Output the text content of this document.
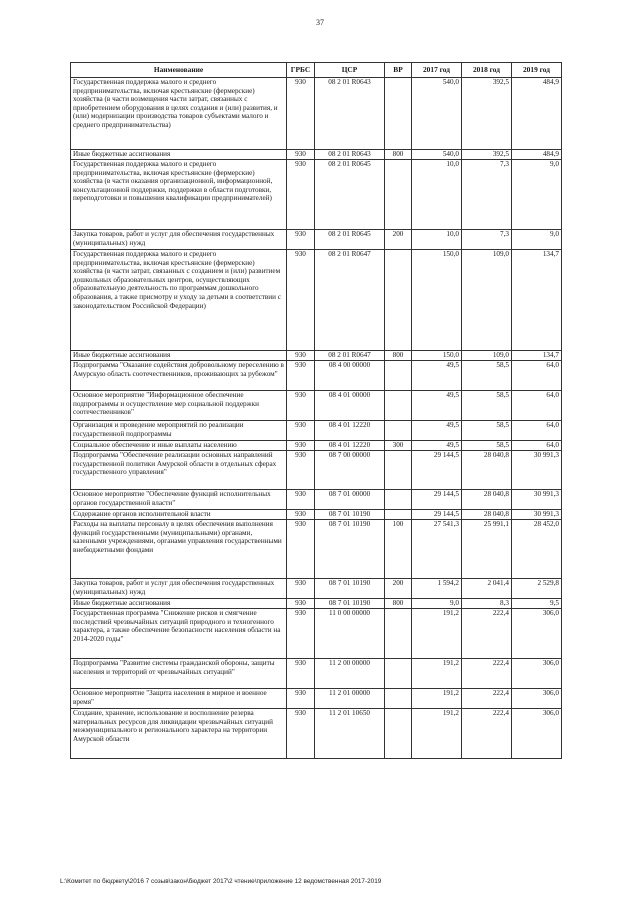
37
Наименование	ГРБС	ЦСР	ВР	2017 год	2018 год	2019 год
Государственная поддержка малого и среднего предпринимательства, включая крестьянские (фермерские) хозяйства (в части возмещения части затрат, связанных с приобретением оборудования в целях создания и (или) развития, и (или) модернизации производства товаров субъектами малого и среднего предпринимательства)	930	08 2 01 R0643		540,0	392,5	484,9
Иные бюджетные ассигнования	930	08 2 01 R0643	800	540,0	392,5	484,9
Государственная поддержка малого и среднего предпринимательства, включая крестьянские (фермерские) хозяйства (в части оказания организационной, информационной, консультационной поддержки, поддержки в области подготовки, переподготовки и повышения квалификации предпринимателей)	930	08 2 01 R0645		10,0	7,3	9,0
Закупка товаров, работ и услуг для обеспечения государственных (муниципальных) нужд	930	08 2 01 R0645	200	10,0	7,3	9,0
Государственная поддержка малого и среднего предпринимательства, включая крестьянские (фермерские) хозяйства (в части затрат, связанных с созданием и (или) развитием дошкольных образовательных центров, осуществляющих образовательную деятельность по программам дошкольного образования, а также присмотру и уходу за детьми в соответствии с законодательством Российской Федерации)	930	08 2 01 R0647		150,0	109,0	134,7
Иные бюджетные ассигнования	930	08 2 01 R0647	800	150,0	109,0	134,7
Подпрограмма "Оказание содействия добровольному переселению в Амурскую область соотечественников, проживающих за рубежом"	930	08 4 00 00000		49,5	58,5	64,0
Основное мероприятие "Информационное обеспечение подпрограммы и осуществление мер социальной поддержки соотечественников"	930	08 4 01 00000		49,5	58,5	64,0
Организация и проведение мероприятий по реализации государственной подпрограммы	930	08 4 01 12220		49,5	58,5	64,0
Социальное обеспечение и иные выплаты населению	930	08 4 01 12220	300	49,5	58,5	64,0
Подпрограмма "Обеспечение реализации основных направлений государственной политики Амурской области в отдельных сферах государственного управления"	930	08 7 00 00000		29 144,5	28 040,8	30 991,3
Основное мероприятие "Обеспечение функций исполнительных органов государственной власти"	930	08 7 01 00000		29 144,5	28 040,8	30 991,3
Содержание органов исполнительной власти	930	08 7 01 10190		29 144,5	28 040,8	30 991,3
Расходы на выплаты персоналу в целях обеспечения выполнения функций государственными (муниципальными) органами, казенными учреждениями, органами управления государственными внебюджетными фондами	930	08 7 01 10190	100	27 541,3	25 991,1	28 452,0
Закупка товаров, работ и услуг для обеспечения государственных (муниципальных) нужд	930	08 7 01 10190	200	1 594,2	2 041,4	2 529,8
Иные бюджетные ассигнования	930	08 7 01 10190	800	9,0	8,3	9,5
Государственная программа "Снижение рисков и смягчение последствий чрезвычайных ситуаций природного и техногенного характера, а также обеспечение безопасности населения области на 2014-2020 годы"	930	11 0 00 00000		191,2	222,4	306,0
Подпрограмма "Развитие системы гражданской обороны, защиты населения и территорий от чрезвычайных ситуаций"	930	11 2 00 00000		191,2	222,4	306,0
Основное мероприятие "Защита населения в мирное и военное время"	930	11 2 01 00000		191,2	222,4	306,0
Создание, хранение, использование и восполнение резерва материальных ресурсов для ликвидации чрезвычайных ситуаций межмуниципального и регионального характера на территории Амурской области	930	11 2 01 10650		191,2	222,4	306,0
L:\Комитет по бюджету\2016 7 созыв\закон\бюджет 2017\2 чтение\приложение 12 ведомственная 2017-2019
